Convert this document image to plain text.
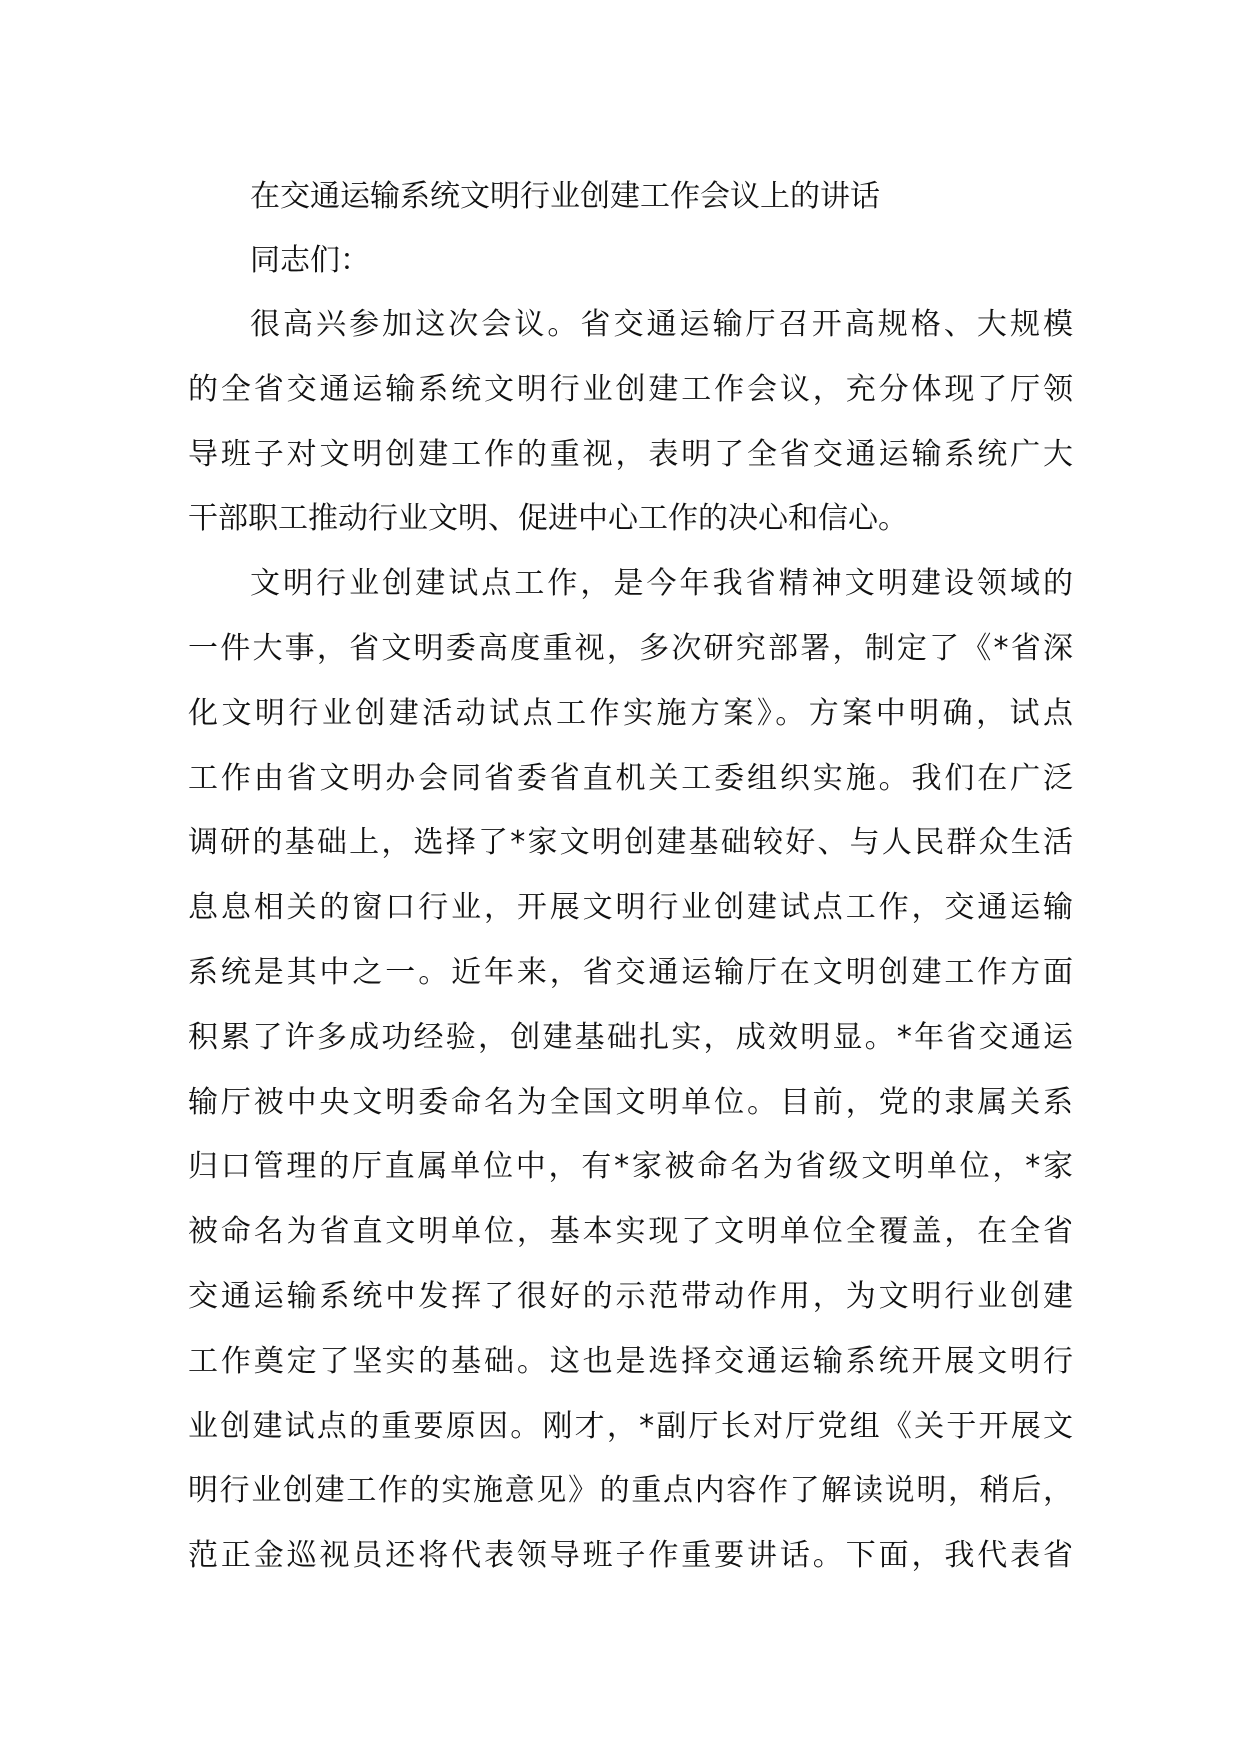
在交通运输系统文明行业创建工作会议上的讲话

同志们：

很高兴参加这次会议。省交通运输厅召开高规格、大规模
的全省交通运输系统文明行业创建工作会议，充分体现了厅领
导班子对文明创建工作的重视，表明了全省交通运输系统广大
干部职工推动行业文明、促进中心工作的决心和信心。

文明行业创建试点工作，是今年我省精神文明建设领域的
一件大事，省文明委高度重视，多次研究部署，制定了《*省深
化文明行业创建活动试点工作实施方案》。方案中明确，试点
工作由省文明办会同省委省直机关工委组织实施。我们在广泛
调研的基础上，选择了*家文明创建基础较好、与人民群众生活
息息相关的窗口行业，开展文明行业创建试点工作，交通运输
系统是其中之一。近年来，省交通运输厅在文明创建工作方面
积累了许多成功经验，创建基础扎实，成效明显。*年省交通运
输厅被中央文明委命名为全国文明单位。目前，党的隶属关系
归口管理的厅直属单位中，有*家被命名为省级文明单位，*家
被命名为省直文明单位，基本实现了文明单位全覆盖，在全省
交通运输系统中发挥了很好的示范带动作用，为文明行业创建
工作奠定了坚实的基础。这也是选择交通运输系统开展文明行
业创建试点的重要原因。刚才，*副厅长对厅党组《关于开展文
明行业创建工作的实施意见》的重点内容作了解读说明，稍后，
范正金巡视员还将代表领导班子作重要讲话。下面，我代表省
